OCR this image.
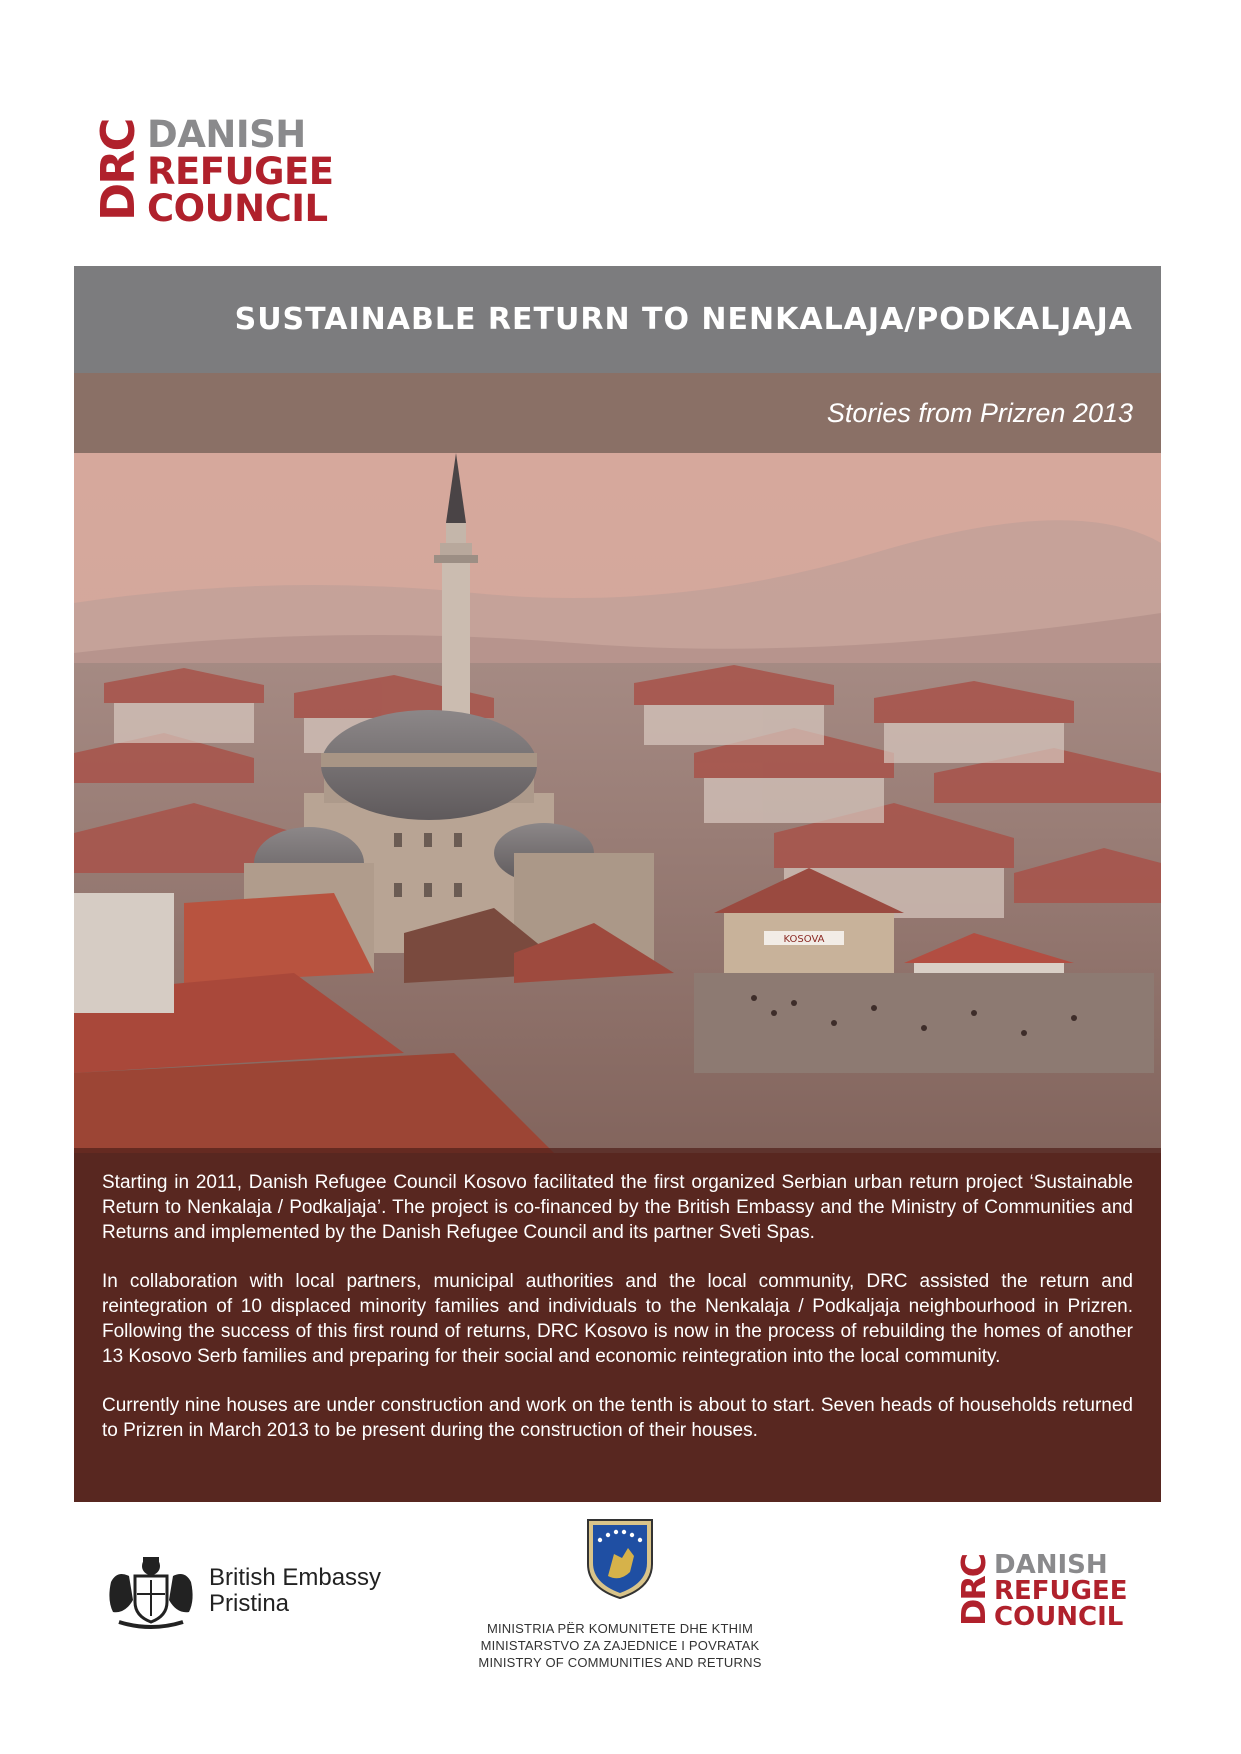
DRC DANISH
REFUGEE
COUNCIL
SUSTAINABLE RETURN TO NENKALAJA/PODKALJAJA
Stories from Prizren 2013
KOSOVA

Starting in 2011, Danish Refugee Council Kosovo facilitated the first organized Serbian urban return project ‘Sustainable Return to Nenkalaja / Podkaljaja’. The project is co-financed by the British Embassy and the Ministry of Communities and Returns and implemented by the Danish Refugee Council and its partner Sveti Spas.

In collaboration with local partners, municipal authorities and the local community, DRC assisted the return and reintegration of 10 displaced minority families and individuals to the Nenkalaja / Podkaljaja neighbourhood in Prizren. Following the success of this first round of returns, DRC Kosovo is now in the process of rebuilding the homes of another 13 Kosovo Serb families and preparing for their social and economic reintegration into the local community.

Currently nine houses are under construction and work on the tenth is about to start. Seven heads of households returned to Prizren in March 2013 to be present during the construction of their houses.

British Embassy
Pristina
MINISTRIA PËR KOMUNITETE DHE KTHIM
MINISTARSTVO ZA ZAJEDNICE I POVRATAK
MINISTRY OF COMMUNITIES AND RETURNS
DRC DANISH
REFUGEE
COUNCIL
